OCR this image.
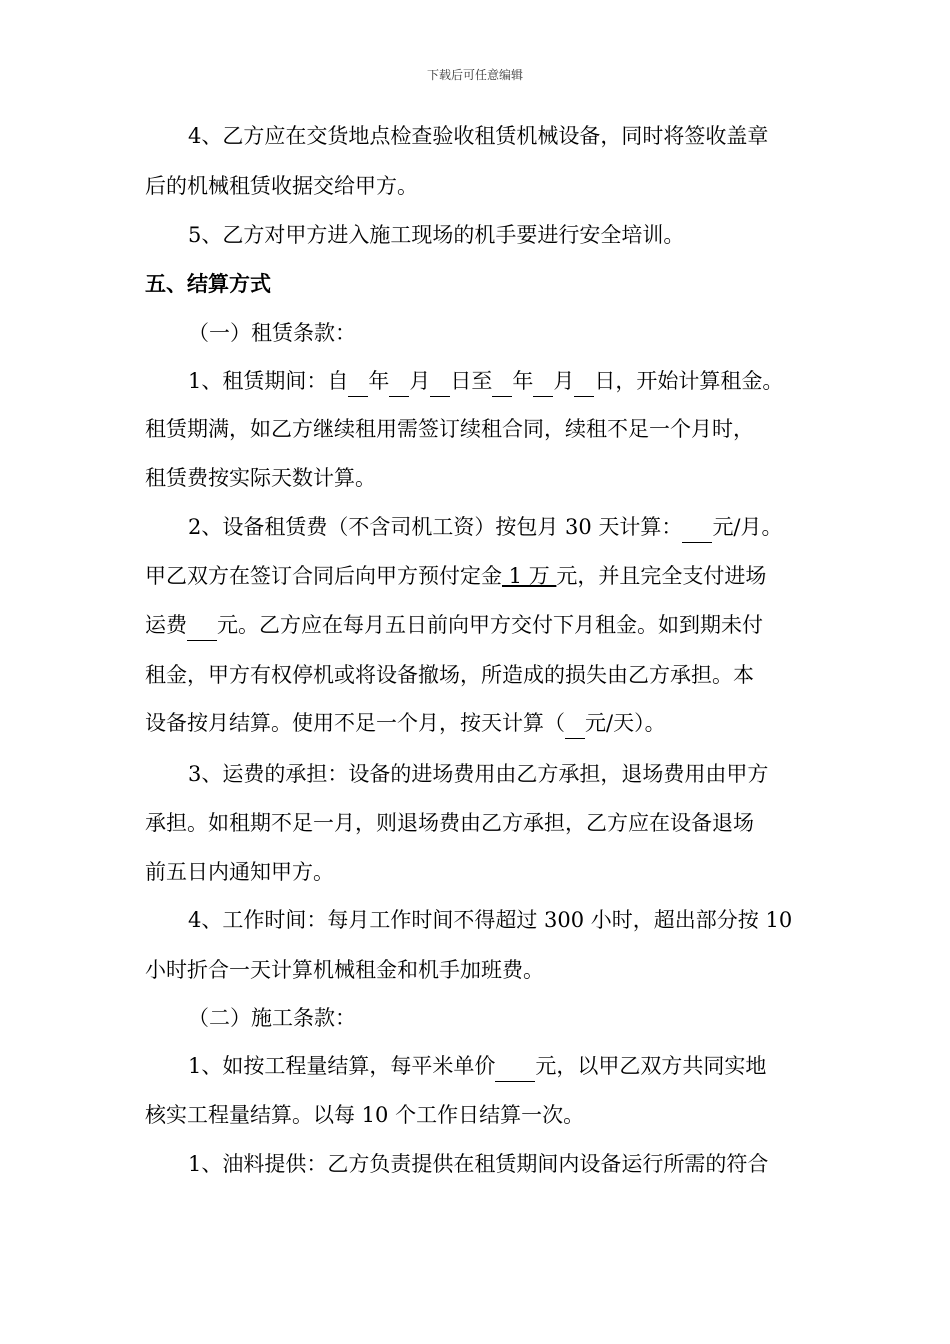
下载后可任意编辑
4、乙方应在交货地点检查验收租赁机械设备，同时将签收盖章
后的机械租赁收据交给甲方。
5、乙方对甲方进入施工现场的机手要进行安全培训。
五、结算方式
（一）租赁条款：
1、租赁期间：自 年 月 日至 年 月 日，开始计算租金。
租赁期满，如乙方继续租用需签订续租合同，续租不足一个月时，
租赁费按实际天数计算。
2、设备租赁费（不含司机工资）按包月 30 天计算： 元/月。
甲乙双方在签订合同后向甲方预付定金 1 万 元，并且完全支付进场
运费 元。乙方应在每月五日前向甲方交付下月租金。如到期未付
租金，甲方有权停机或将设备撤场，所造成的损失由乙方承担。本
设备按月结算。使用不足一个月，按天计算（ 元/天）。
3、运费的承担：设备的进场费用由乙方承担，退场费用由甲方
承担。如租期不足一月，则退场费由乙方承担，乙方应在设备退场
前五日内通知甲方。
4、工作时间：每月工作时间不得超过 300 小时，超出部分按 10
小时折合一天计算机械租金和机手加班费。
（二）施工条款：
1、如按工程量结算，每平米单价 元，以甲乙双方共同实地
核实工程量结算。以每 10 个工作日结算一次。
1、油料提供：乙方负责提供在租赁期间内设备运行所需的符合
